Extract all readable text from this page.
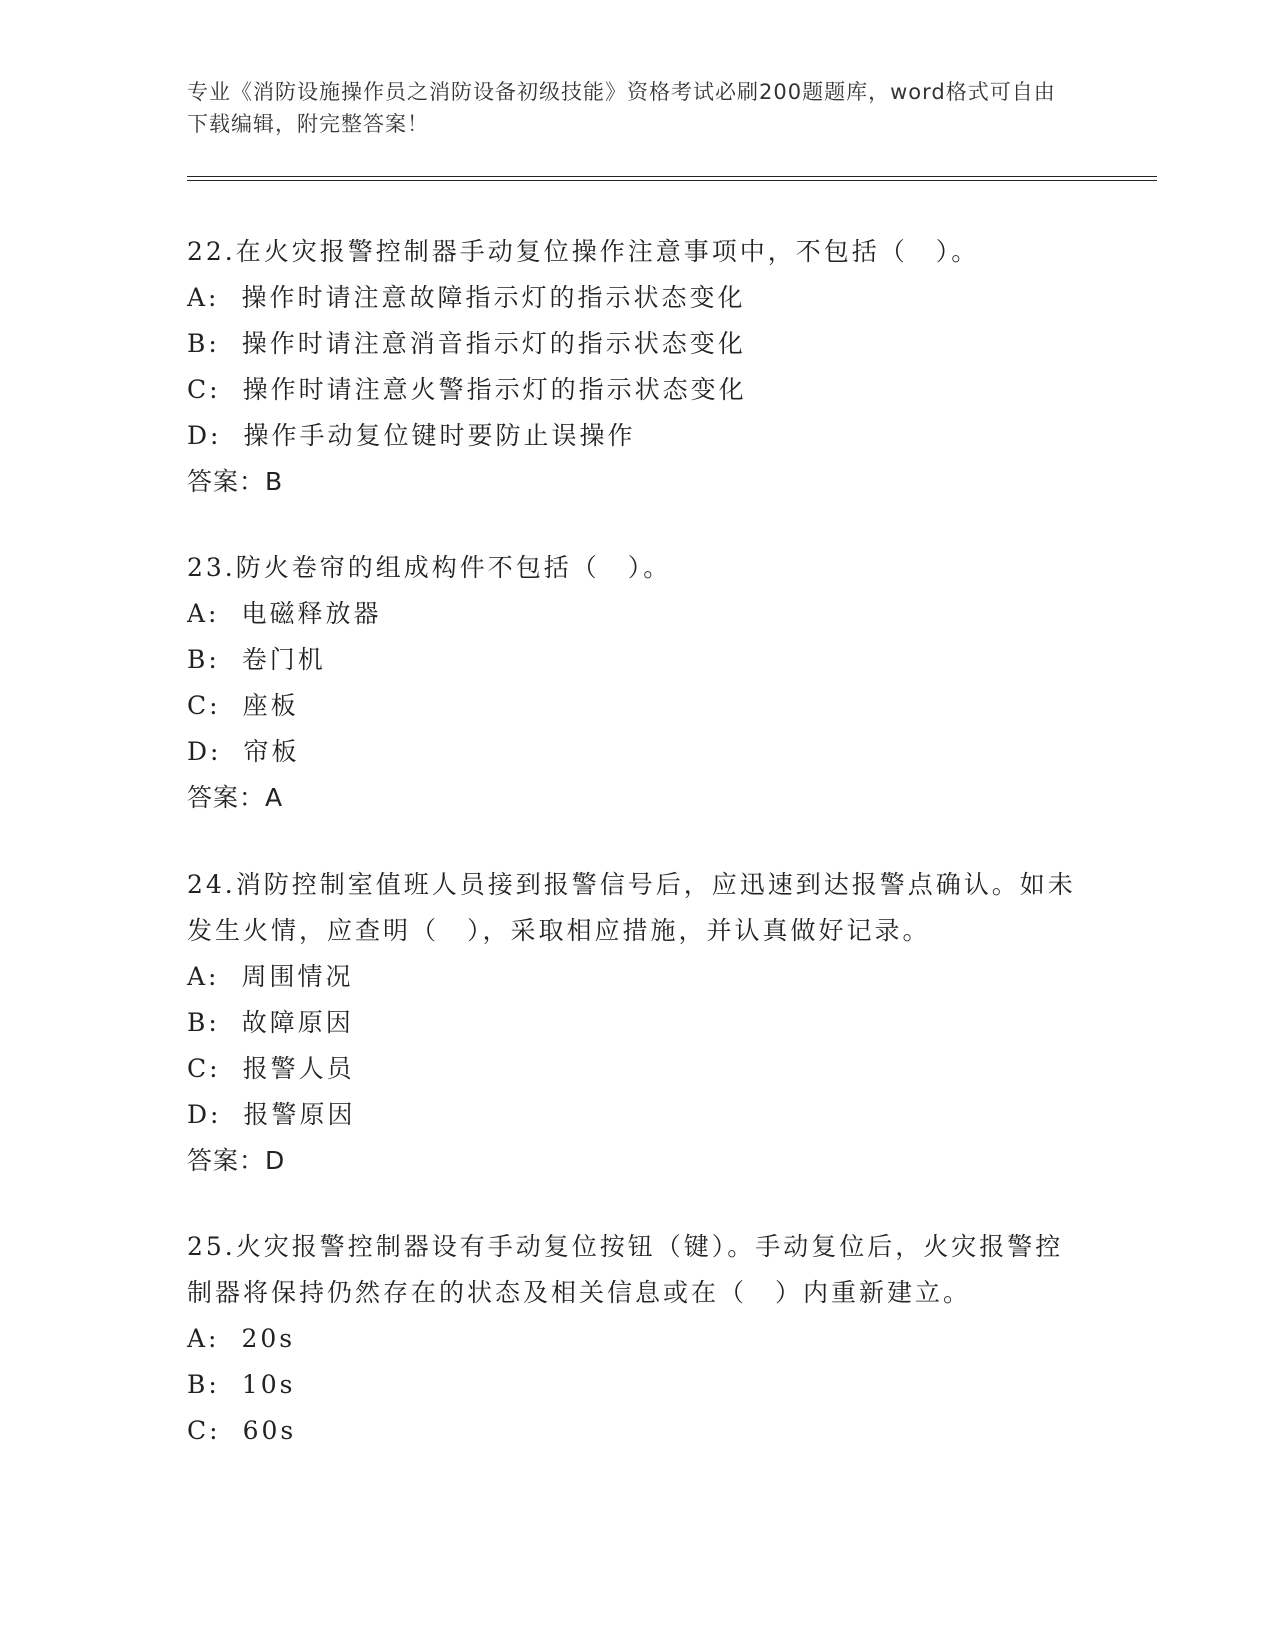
专业《消防设施操作员之消防设备初级技能》资格考试必刷200题题库，word格式可自由下载编辑，附完整答案！

22.在火灾报警控制器手动复位操作注意事项中，不包括（　）。

A: 操作时请注意故障指示灯的指示状态变化

B: 操作时请注意消音指示灯的指示状态变化

C: 操作时请注意火警指示灯的指示状态变化

D: 操作手动复位键时要防止误操作

答案：B

23.防火卷帘的组成构件不包括（　）。

A: 电磁释放器

B: 卷门机

C: 座板

D: 帘板

答案：A

24.消防控制室值班人员接到报警信号后，应迅速到达报警点确认。如未发生火情，应查明（　），采取相应措施，并认真做好记录。

A: 周围情况

B: 故障原因

C: 报警人员

D: 报警原因

答案：D

25.火灾报警控制器设有手动复位按钮（键）。手动复位后，火灾报警控制器将保持仍然存在的状态及相关信息或在（　）内重新建立。

A: 20s

B: 10s

C: 60s
